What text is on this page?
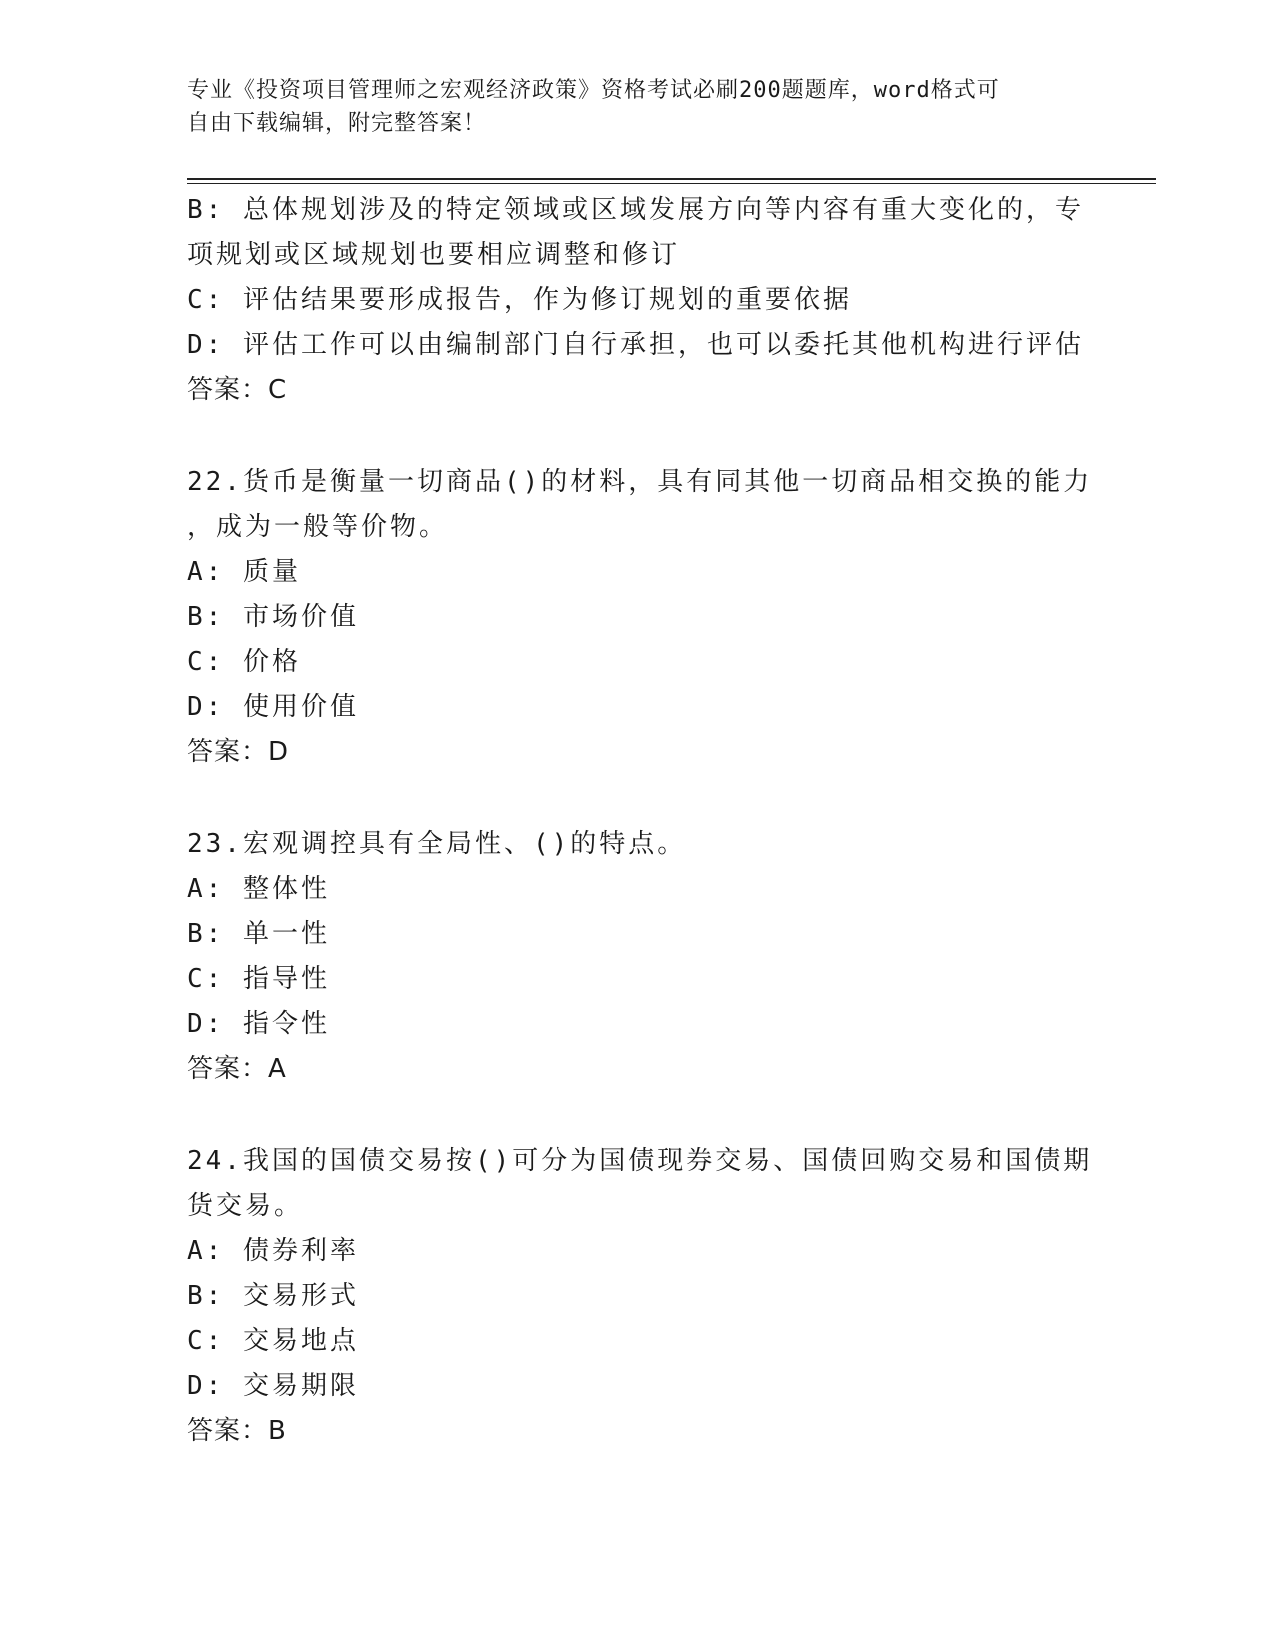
专业《投资项目管理师之宏观经济政策》资格考试必刷200题题库，word格式可
自由下载编辑，附完整答案！
B: 总体规划涉及的特定领域或区域发展方向等内容有重大变化的，专
项规划或区域规划也要相应调整和修订
C: 评估结果要形成报告，作为修订规划的重要依据
D: 评估工作可以由编制部门自行承担，也可以委托其他机构进行评估
答案：C
22.货币是衡量一切商品()的材料，具有同其他一切商品相交换的能力
，成为一般等价物。
A: 质量
B: 市场价值
C: 价格
D: 使用价值
答案：D
23.宏观调控具有全局性、()的特点。
A: 整体性
B: 单一性
C: 指导性
D: 指令性
答案：A
24.我国的国债交易按()可分为国债现券交易、国债回购交易和国债期
货交易。
A: 债券利率
B: 交易形式
C: 交易地点
D: 交易期限
答案：B
